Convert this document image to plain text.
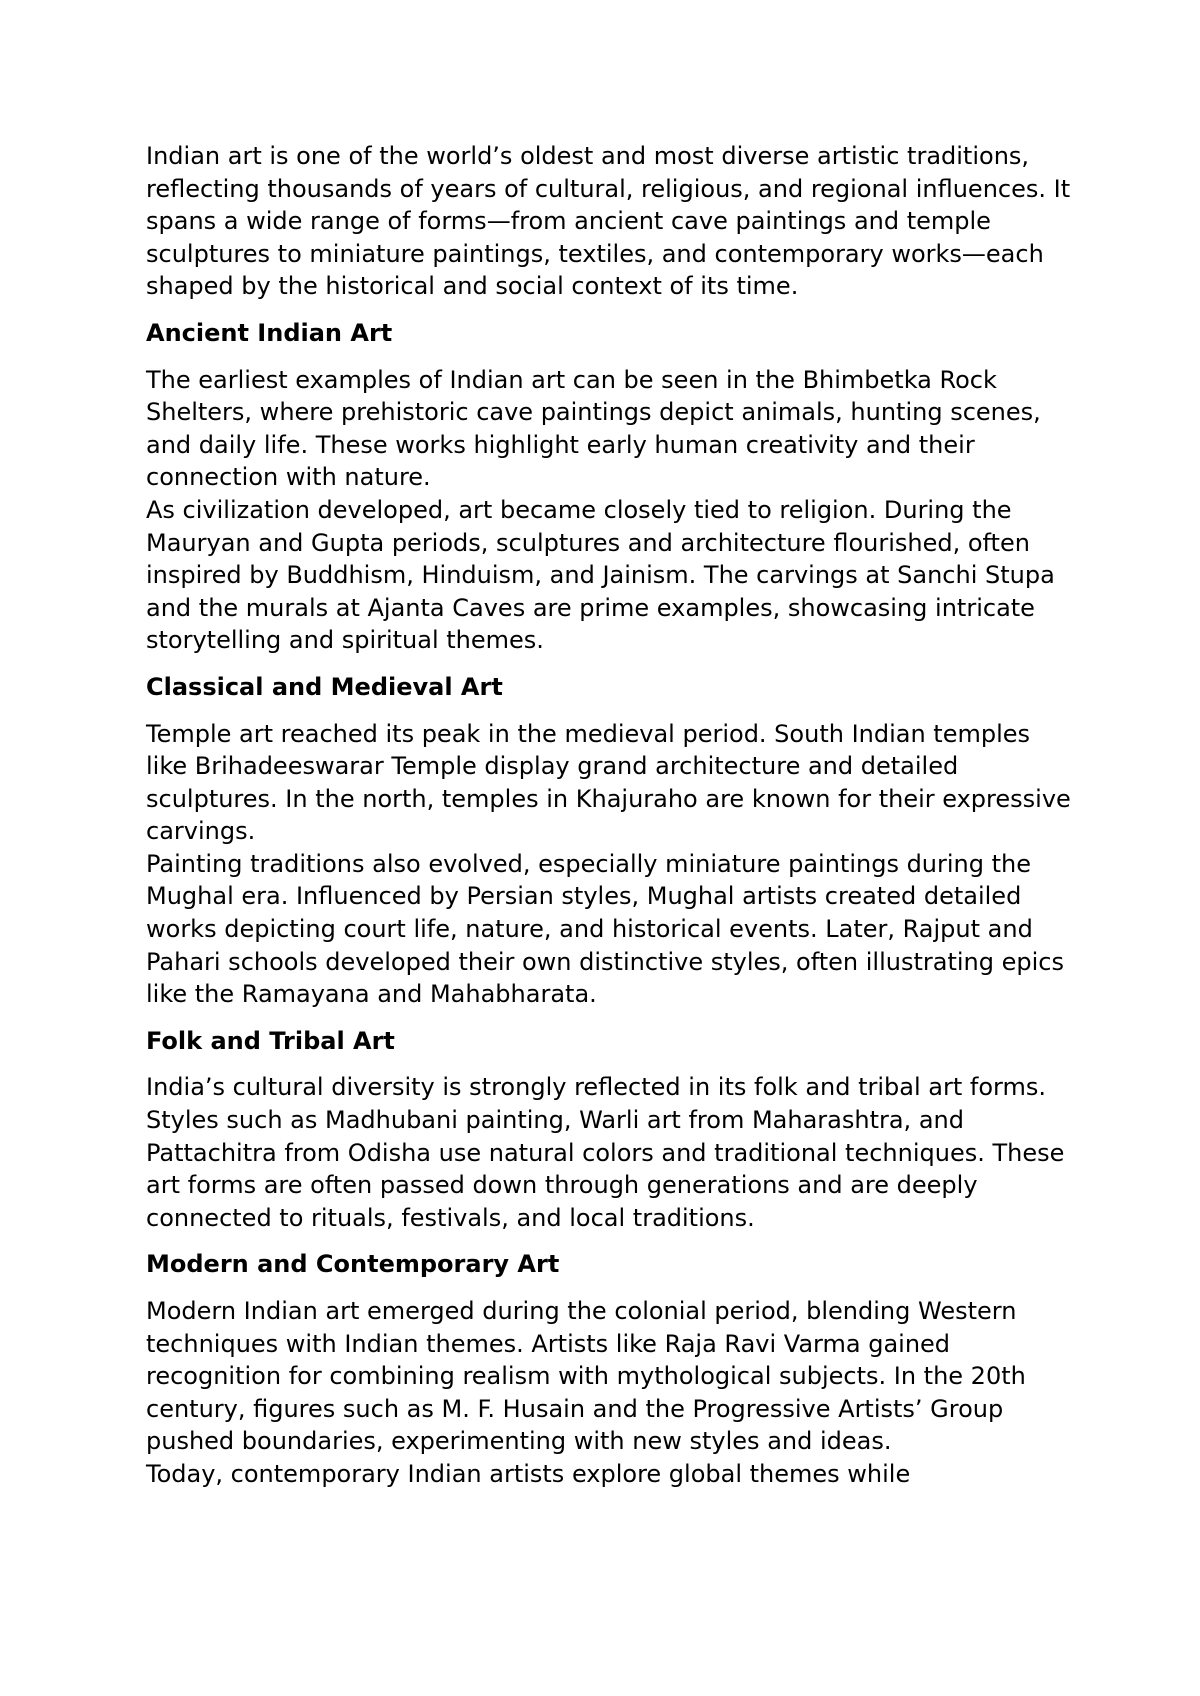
Indian art is one of the world’s oldest and most diverse artistic traditions, reflecting thousands of years of cultural, religious, and regional influences. It spans a wide range of forms—from ancient cave paintings and temple sculptures to miniature paintings, textiles, and contemporary works—each shaped by the historical and social context of its time.

Ancient Indian Art

The earliest examples of Indian art can be seen in the Bhimbetka Rock Shelters, where prehistoric cave paintings depict animals, hunting scenes, and daily life. These works highlight early human creativity and their connection with nature.

As civilization developed, art became closely tied to religion. During the Mauryan and Gupta periods, sculptures and architecture flourished, often inspired by Buddhism, Hinduism, and Jainism. The carvings at Sanchi Stupa and the murals at Ajanta Caves are prime examples, showcasing intricate storytelling and spiritual themes.

Classical and Medieval Art

Temple art reached its peak in the medieval period. South Indian temples like Brihadeeswarar Temple display grand architecture and detailed sculptures. In the north, temples in Khajuraho are known for their expressive carvings.

Painting traditions also evolved, especially miniature paintings during the Mughal era. Influenced by Persian styles, Mughal artists created detailed works depicting court life, nature, and historical events. Later, Rajput and Pahari schools developed their own distinctive styles, often illustrating epics like the Ramayana and Mahabharata.

Folk and Tribal Art

India’s cultural diversity is strongly reflected in its folk and tribal art forms. Styles such as Madhubani painting, Warli art from Maharashtra, and Pattachitra from Odisha use natural colors and traditional techniques. These art forms are often passed down through generations and are deeply connected to rituals, festivals, and local traditions.

Modern and Contemporary Art

Modern Indian art emerged during the colonial period, blending Western techniques with Indian themes. Artists like Raja Ravi Varma gained recognition for combining realism with mythological subjects. In the 20th century, figures such as M. F. Husain and the Progressive Artists’ Group pushed boundaries, experimenting with new styles and ideas.

Today, contemporary Indian artists explore global themes while
